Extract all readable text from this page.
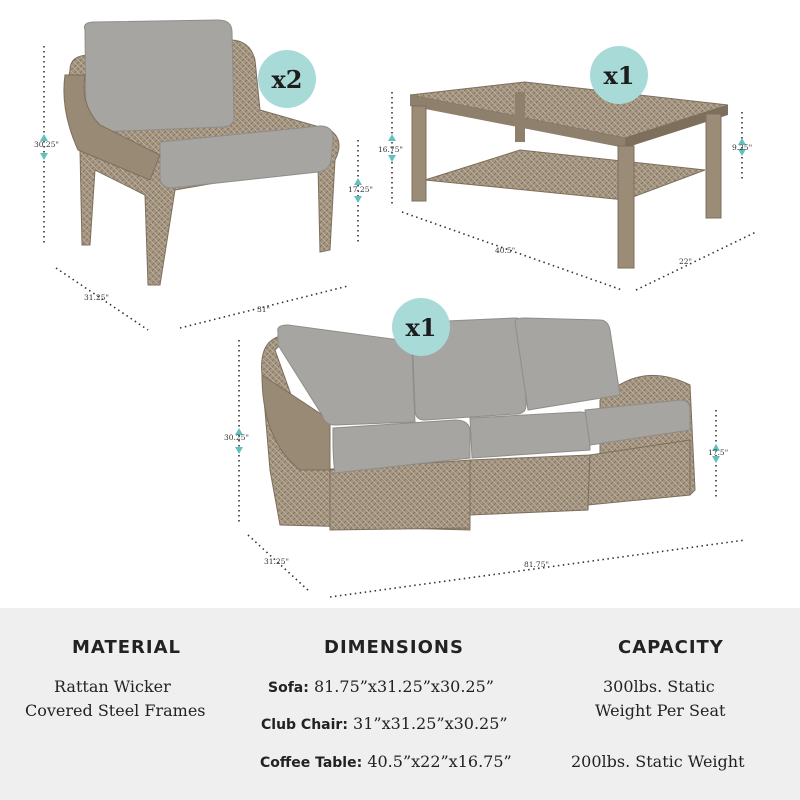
x2	x1
x1
30.25"
17.25"
31.25"
31"
16.75"	9.25"
40.5"
22"
30.25"
17.5"
31.25"	81.75"
MATERIAL
Rattan Wicker
Covered Steel Frames
DIMENSIONS
Sofa: 81.75”x31.25”x30.25”
Club Chair: 31”x31.25”x30.25”
Coffee Table: 40.5”x22”x16.75”
CAPACITY
300lbs. Static
Weight Per Seat
200lbs. Static Weight
